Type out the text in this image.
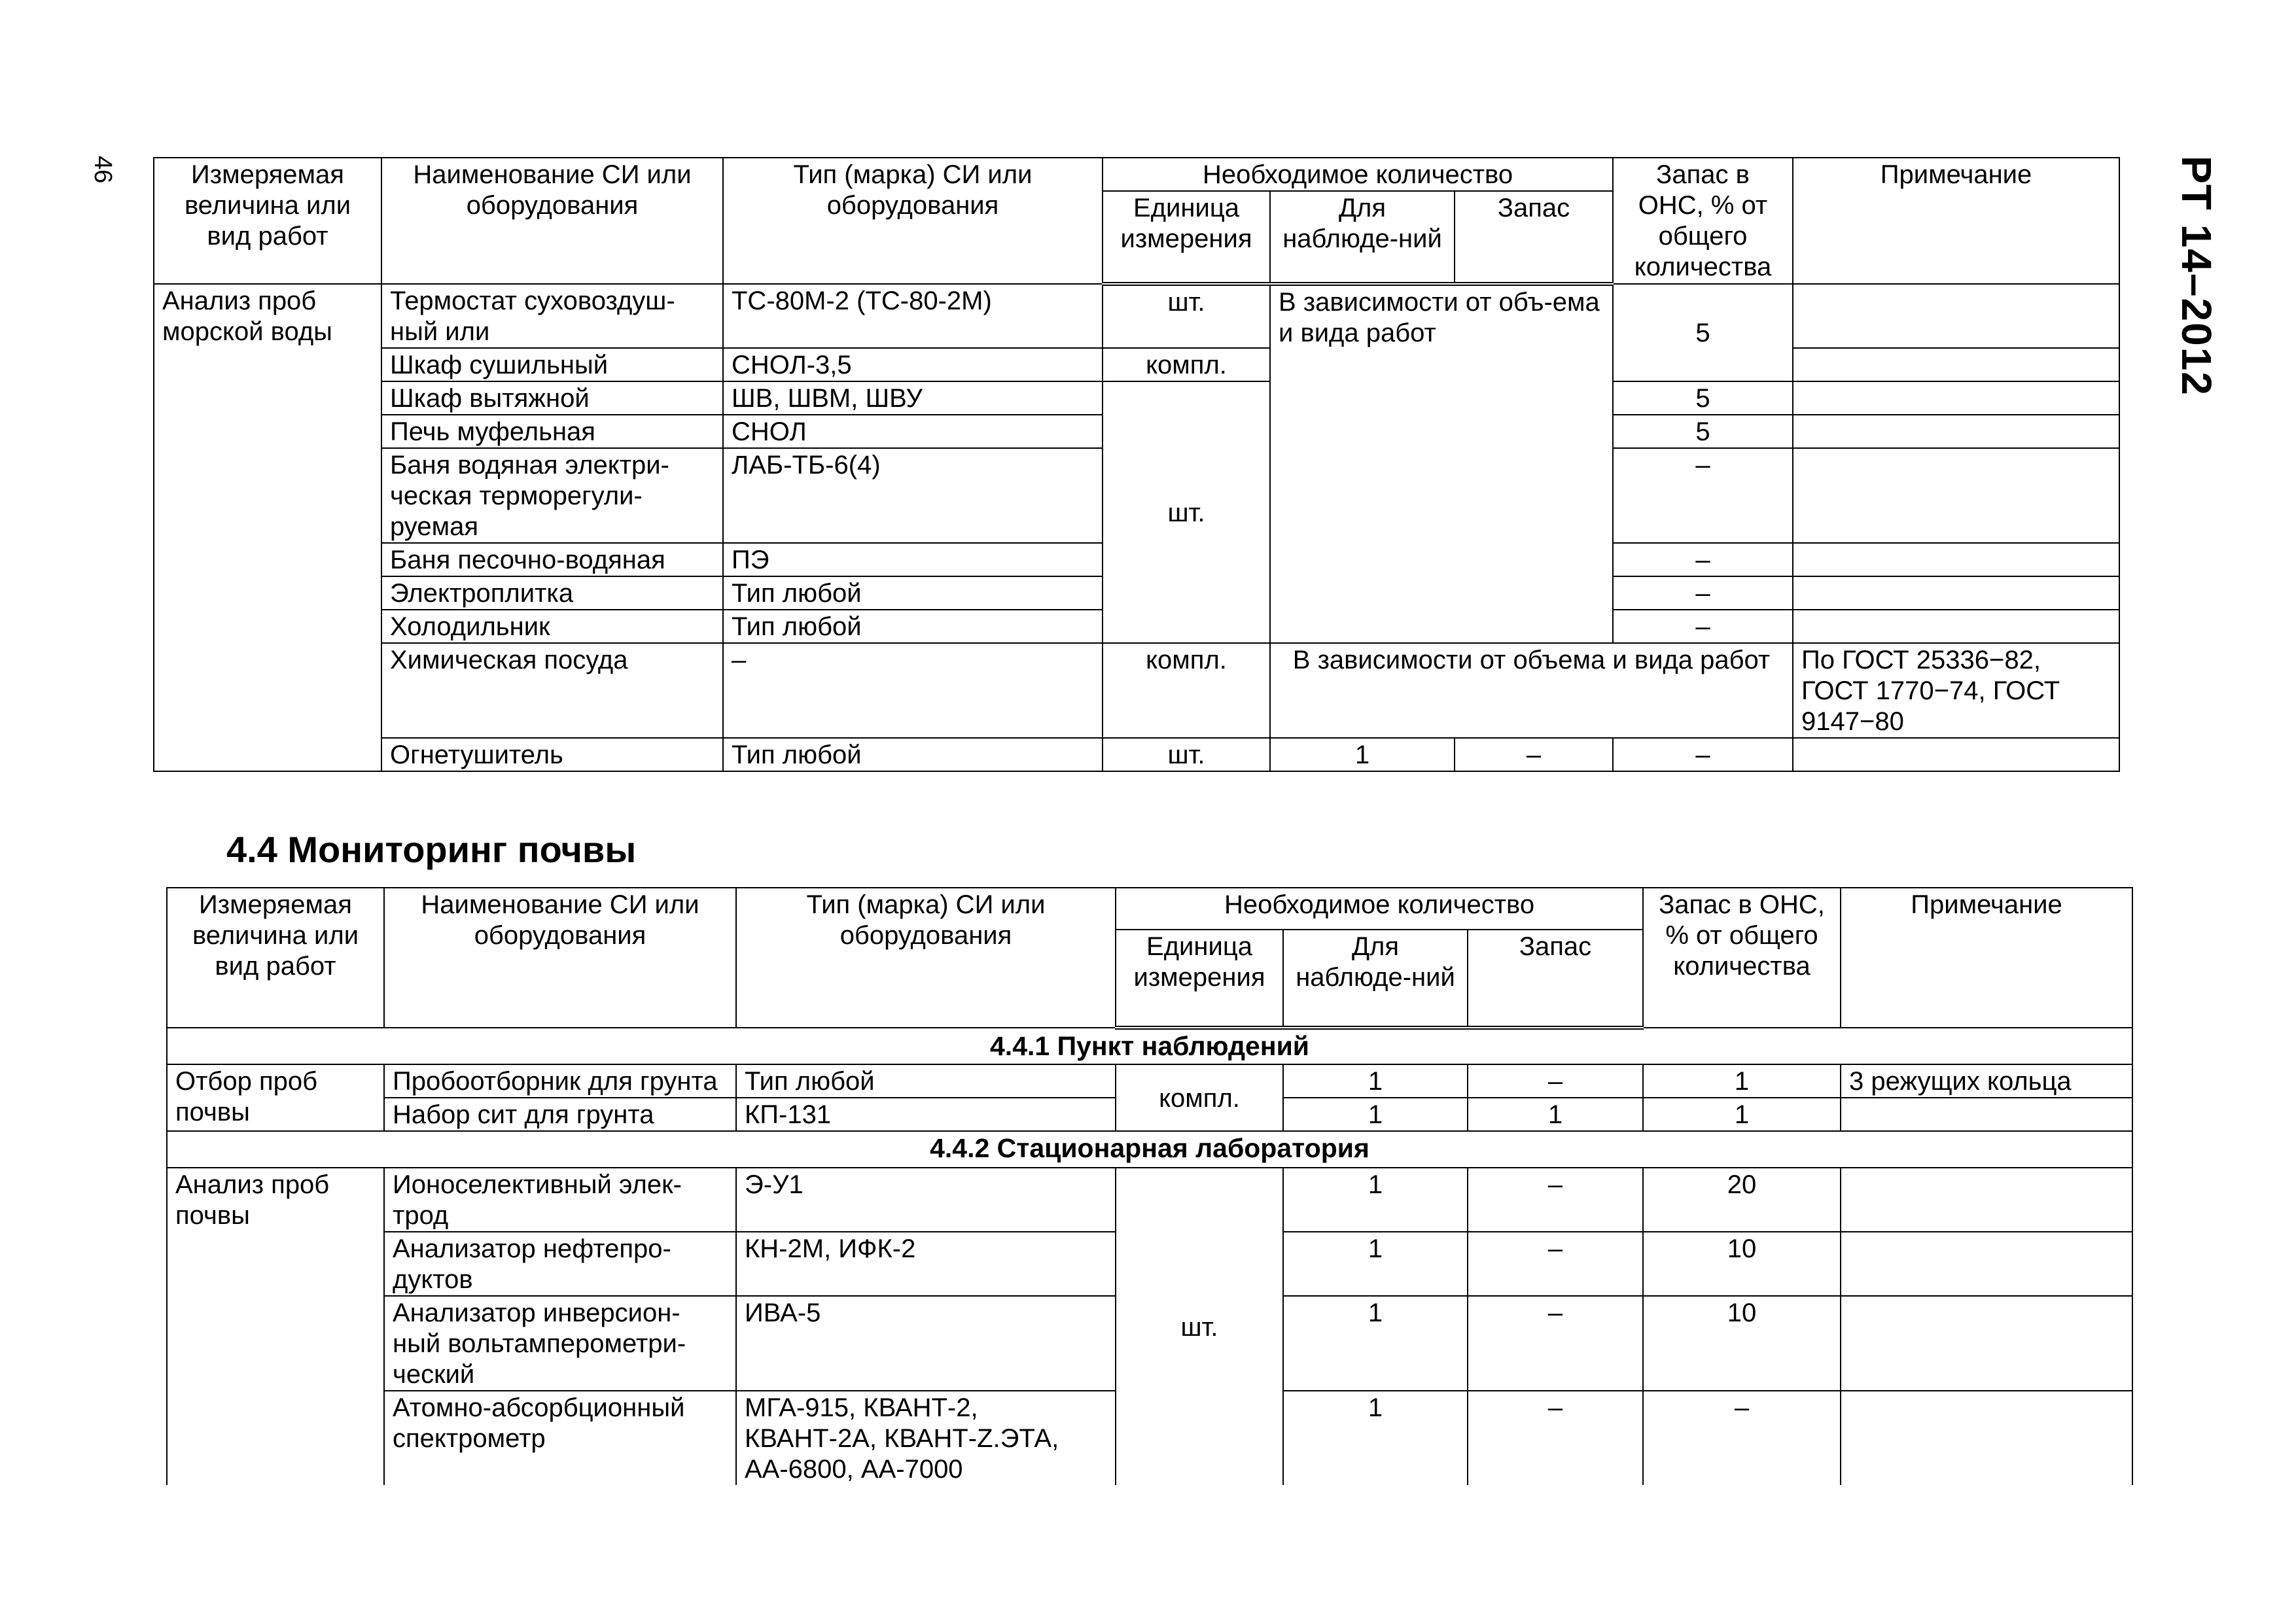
46	РТ 14–2012
Измеряемая величина или вид работ	Наименование СИ или оборудования	Тип (марка) СИ или оборудования	Необходимое количество			Запас в ОНС, % от общего количества	Примечание
			Единица измерения	Для наблюде-ний	Запас		
Анализ проб морской воды	Термостат суховоздуш-ный или	ТС-80М-2 (ТС-80-2М)	шт.	В зависимости от объ-ема и вида работ		5	
	Шкаф сушильный	СНОЛ-3,5	компл.				
	Шкаф вытяжной	ШВ, ШВМ, ШВУ	шт.			5	
	Печь муфельная	СНОЛ				5	
	Баня водяная электри-ческая терморегули-руемая	ЛАБ-ТБ-6(4)				–	
	Баня песочно-водяная	ПЭ				–	
	Электроплитка	Тип любой				–	
	Холодильник	Тип любой				–	
	Химическая посуда	–	компл.	В зависимости от объема и вида работ			По ГОСТ 25336−82, ГОСТ 1770−74, ГОСТ 9147−80
	Огнетушитель	Тип любой	шт.	1	–	–	
4.4 Мониторинг почвы
Измеряемая величина или вид работ	Наименование СИ или оборудования	Тип (марка) СИ или оборудования	Необходимое количество			Запас в ОНС, % от общего количества	Примечание
			Единица измерения	Для наблюде-ний	Запас		
4.4.1 Пункт наблюдений							
Отбор проб почвы	Пробоотборник для грунта	Тип любой	компл.	1	–	1	3 режущих кольца
	Набор сит для грунта	КП-131		1	1	1	
4.4.2 Стационарная лаборатория							
Анализ проб почвы	Ионоселективный элек-трод	Э-У1	шт.	1	–	20	
	Анализатор нефтепро-дуктов	КН-2М, ИФК-2		1	–	10	
	Анализатор инверсион-ный вольтамперометри-ческий	ИВА-5		1	–	10	
	Атомно-абсорбционный спектрометр	МГА-915, КВАНТ-2, КВАНТ-2А, КВАНТ-Z.ЭТА, АА-6800, АА-7000		1	–	–	
